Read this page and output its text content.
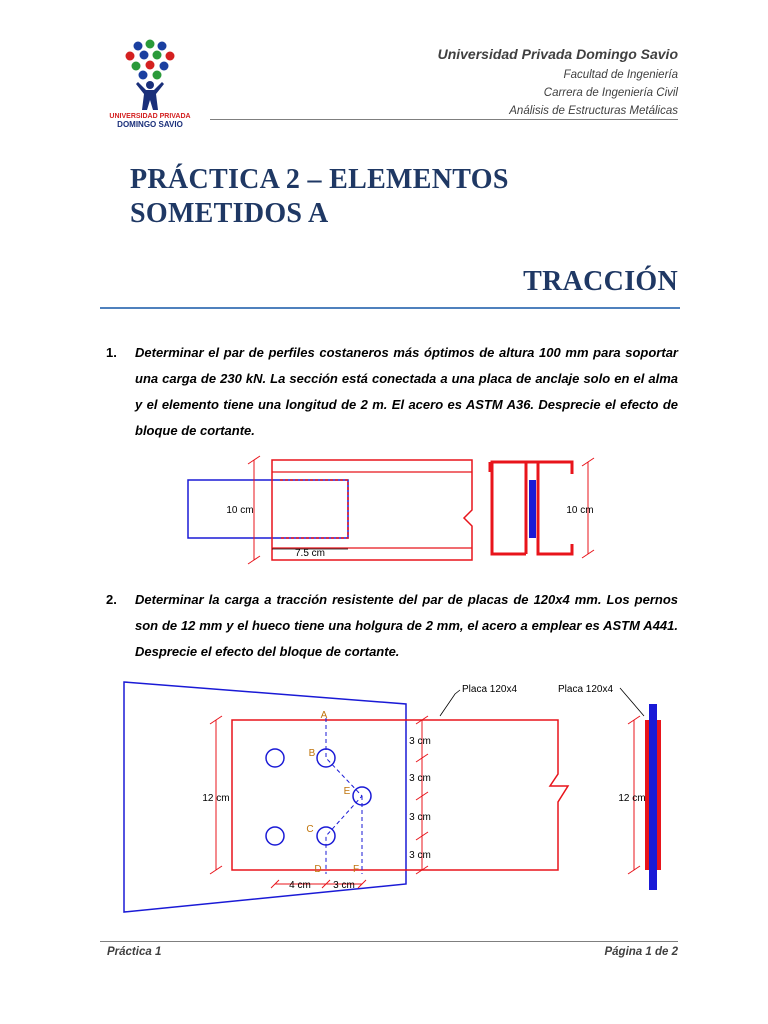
UNIVERSIDAD PRIVADA
DOMINGO SAVIO
Universidad Privada Domingo Savio
Facultad de Ingeniería
Carrera de Ingeniería Civil
Análisis de Estructuras Metálicas
PRÁCTICA 2 – ELEMENTOS SOMETIDOS A
TRACCIÓN
1. Determinar el par de perfiles costaneros más óptimos de altura 100 mm para soportar una carga de 230 kN. La sección está conectada a una placa de anclaje solo en el alma y el elemento tiene una longitud de 2 m. El acero es ASTM A36. Desprecie el efecto de bloque de cortante.
10 cm
7.5 cm
10 cm
2. Determinar la carga a tracción resistente del par de placas de 120x4 mm. Los pernos son de 12 mm y el hueco tiene una holgura de 2 mm, el acero a emplear es ASTM A441. Desprecie el efecto del bloque de cortante.
A
B
E
C
D	F
12 cm
3 cm
3 cm
3 cm
3 cm
4 cm 3 cm
Placa 120x4	Placa 120x4
12 cm
Práctica 1	Página 1 de 2
